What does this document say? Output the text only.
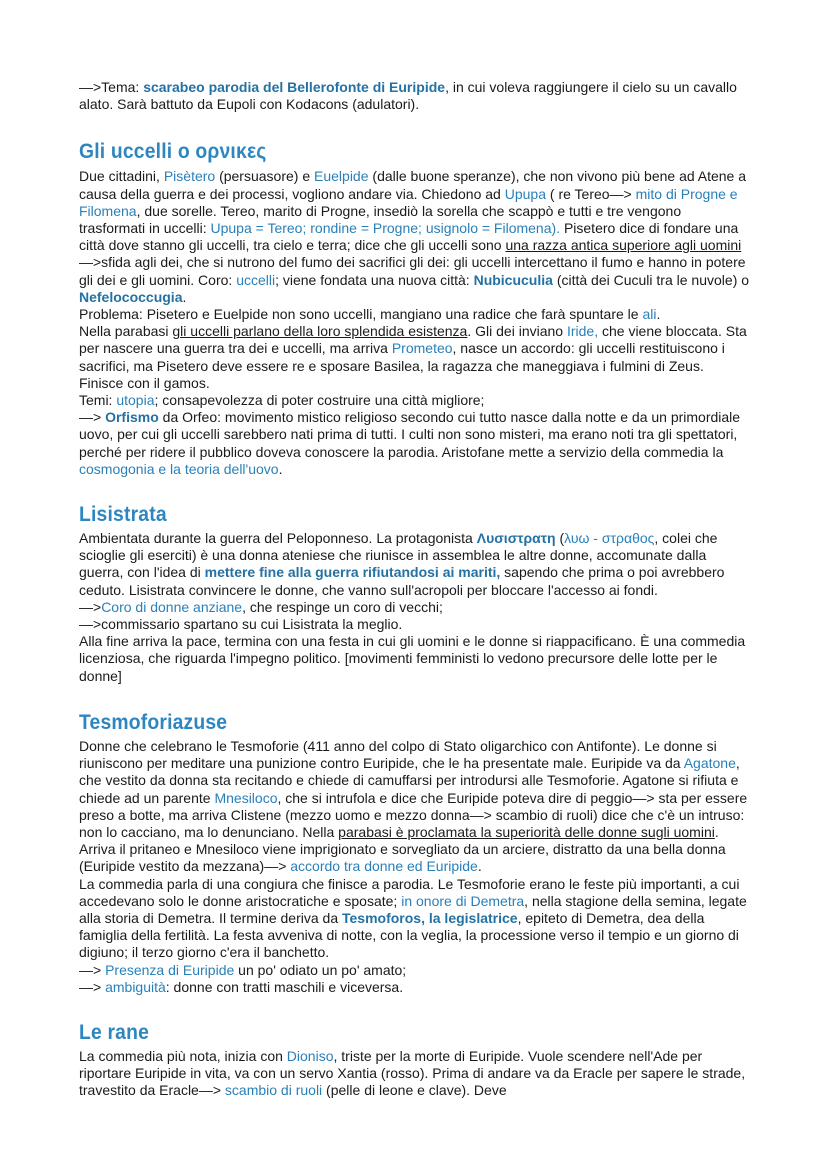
—>Tema: scarabeo parodia del Bellerofonte di Euripide, in cui voleva raggiungere il cielo su un cavallo alato. Sarà battuto da Eupoli con Kodacons (adulatori).

Gli uccelli o ορνικες

Due cittadini, Pisètero (persuasore) e Euelpide (dalle buone speranze), che non vivono più bene ad Atene a causa della guerra e dei processi, vogliono andare via. Chiedono ad Upupa ( re Tereo—> mito di Progne e Filomena, due sorelle. Tereo, marito di Progne, insediò la sorella che scappò e tutti e tre vengono trasformati in uccelli: Upupa = Tereo; rondine = Progne; usignolo = Filomena). Pisetero dice di fondare una città dove stanno gli uccelli, tra cielo e terra; dice che gli uccelli sono una razza antica superiore agli uomini—>sfida agli dei, che si nutrono del fumo dei sacrifici gli dei: gli uccelli intercettano il fumo e hanno in potere gli dei e gli uomini. Coro: uccelli; viene fondata una nuova città: Nubicuculia (città dei Cuculi tra le nuvole) o Nefelococcugia.

Problema: Pisetero e Euelpide non sono uccelli, mangiano una radice che farà spuntare le ali.
Nella parabasi gli uccelli parlano della loro splendida esistenza. Gli dei inviano Iride, che viene bloccata. Sta per nascere una guerra tra dei e uccelli, ma arriva Prometeo, nasce un accordo: gli uccelli restituiscono i sacrifici, ma Pisetero deve essere re e sposare Basilea, la ragazza che maneggiava i fulmini di Zeus. Finisce con il gamos.

Temi: utopia; consapevolezza di poter costruire una città migliore;

—> Orfismo da Orfeo: movimento mistico religioso secondo cui tutto nasce dalla notte e da un primordiale uovo, per cui gli uccelli sarebbero nati prima di tutti. I culti non sono misteri, ma erano noti tra gli spettatori, perché per ridere il pubblico doveva conoscere la parodia. Aristofane mette a servizio della commedia la cosmogonia e la teoria dell'uovo.

Lisistrata

Ambientata durante la guerra del Peloponneso. La protagonista Λυσιστρατη (λυω - στραθος, colei che scioglie gli eserciti) è una donna ateniese che riunisce in assemblea le altre donne, accomunate dalla guerra, con l'idea di mettere fine alla guerra rifiutandosi ai mariti, sapendo che prima o poi avrebbero ceduto. Lisistrata convincere le donne, che vanno sull'acropoli per bloccare l'accesso ai fondi.

—>Coro di donne anziane, che respinge un coro di vecchi;

—>commissario spartano su cui Lisistrata la meglio.

Alla fine arriva la pace, termina con una festa in cui gli uomini e le donne si riappacificano. È una commedia licenziosa, che riguarda l'impegno politico. [movimenti femministi lo vedono precursore delle lotte per le donne]

Tesmoforiazuse

Donne che celebrano le Tesmoforie (411 anno del colpo di Stato oligarchico con Antifonte). Le donne si riuniscono per meditare una punizione contro Euripide, che le ha presentate male. Euripide va da Agatone, che vestito da donna sta recitando e chiede di camuffarsi per introdursi alle Tesmoforie. Agatone si rifiuta e chiede ad un parente Mnesiloco, che si intrufola e dice che Euripide poteva dire di peggio—> sta per essere preso a botte, ma arriva Clistene (mezzo uomo e mezzo donna—> scambio di ruoli) dice che c'è un intruso: non lo cacciano, ma lo denunciano. Nella parabasi è proclamata la superiorità delle donne sugli uomini. Arriva il pritaneo e Mnesiloco viene imprigionato e sorvegliato da un arciere, distratto da una bella donna (Euripide vestito da mezzana)—> accordo tra donne ed Euripide.

La commedia parla di una congiura che finisce a parodia. Le Tesmoforie erano le feste più importanti, a cui accedevano solo le donne aristocratiche e sposate; in onore di Demetra, nella stagione della semina, legate alla storia di Demetra. Il termine deriva da Tesmoforos, la legislatrice, epiteto di Demetra, dea della famiglia della fertilità. La festa avveniva di notte, con la veglia, la processione verso il tempio e un giorno di digiuno; il terzo giorno c'era il banchetto.

—> Presenza di Euripide un po' odiato un po' amato;

—> ambiguità: donne con tratti maschili e viceversa.

Le rane

La commedia più nota, inizia con Dioniso, triste per la morte di Euripide. Vuole scendere nell'Ade per riportare Euripide in vita, va con un servo Xantia (rosso). Prima di andare va da Eracle per sapere le strade, travestito da Eracle—> scambio di ruoli (pelle di leone e clave). Deve
